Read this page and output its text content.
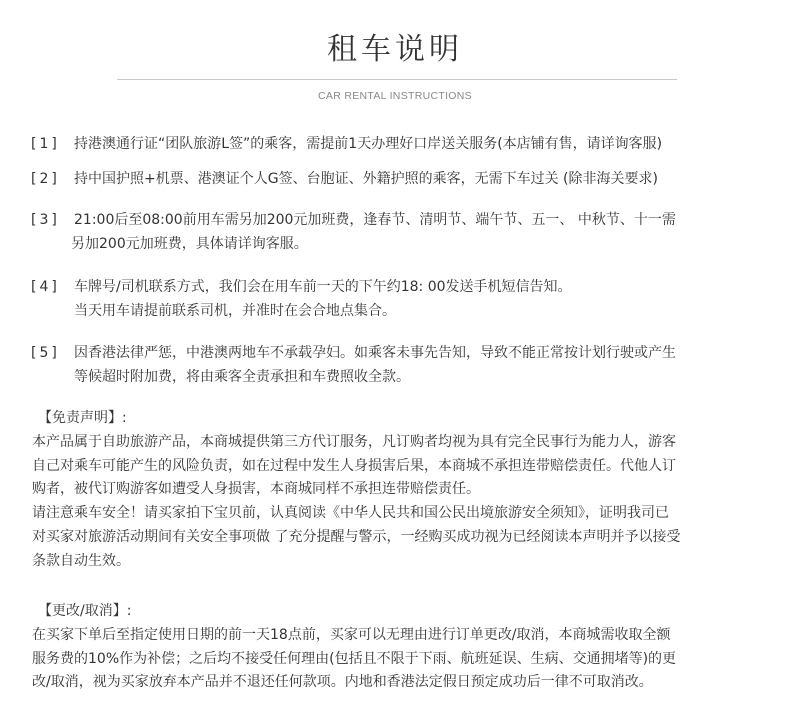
租车说明
CAR RENTAL INSTRUCTIONS
[1]	持港澳通行证“团队旅游L签”的乘客，需提前1天办理好口岸送关服务(本店铺有售，请详询客服)
[2]	持中国护照+机票、港澳证个人G签、台胞证、外籍护照的乘客，无需下车过关 (除非海关要求)
[3]	21:00后至08:00前用车需另加200元加班费，逢春节、清明节、端午节、五一、 中秋节、十一需
另加200元加班费，具体请详询客服。
[4]	车牌号/司机联系方式，我们会在用车前一天的下午约18: 00发送手机短信告知。
当天用车请提前联系司机，并准时在会合地点集合。
[5]	因香港法律严惩，中港澳两地车不承载孕妇。如乘客未事先告知，导致不能正常按计划行驶或产生
等候超时附加费，将由乘客全责承担和车费照收全款。
【免责声明】:
本产品属于自助旅游产品，本商城提供第三方代订服务，凡订购者均视为具有完全民事行为能力人，游客
自己对乘车可能产生的风险负责，如在过程中发生人身损害后果，本商城不承担连带赔偿责任。代他人订
购者，被代订购游客如遭受人身损害，本商城同样不承担连带赔偿责任。
请注意乘车安全！请买家拍下宝贝前，认真阅读《中华人民共和国公民出境旅游安全须知》，证明我司已
对买家对旅游活动期间有关安全事项做 了充分提醒与警示，一经购买成功视为已经阅读本声明并予以接受
条款自动生效。
【更改/取消】:
在买家下单后至指定使用日期的前一天18点前，买家可以无理由进行订单更改/取消，本商城需收取全额
服务费的10%作为补偿；之后均不接受任何理由(包括且不限于下雨、航班延误、生病、交通拥堵等)的更
改/取消，视为买家放弃本产品并不退还任何款项。内地和香港法定假日预定成功后一律不可取消改。
